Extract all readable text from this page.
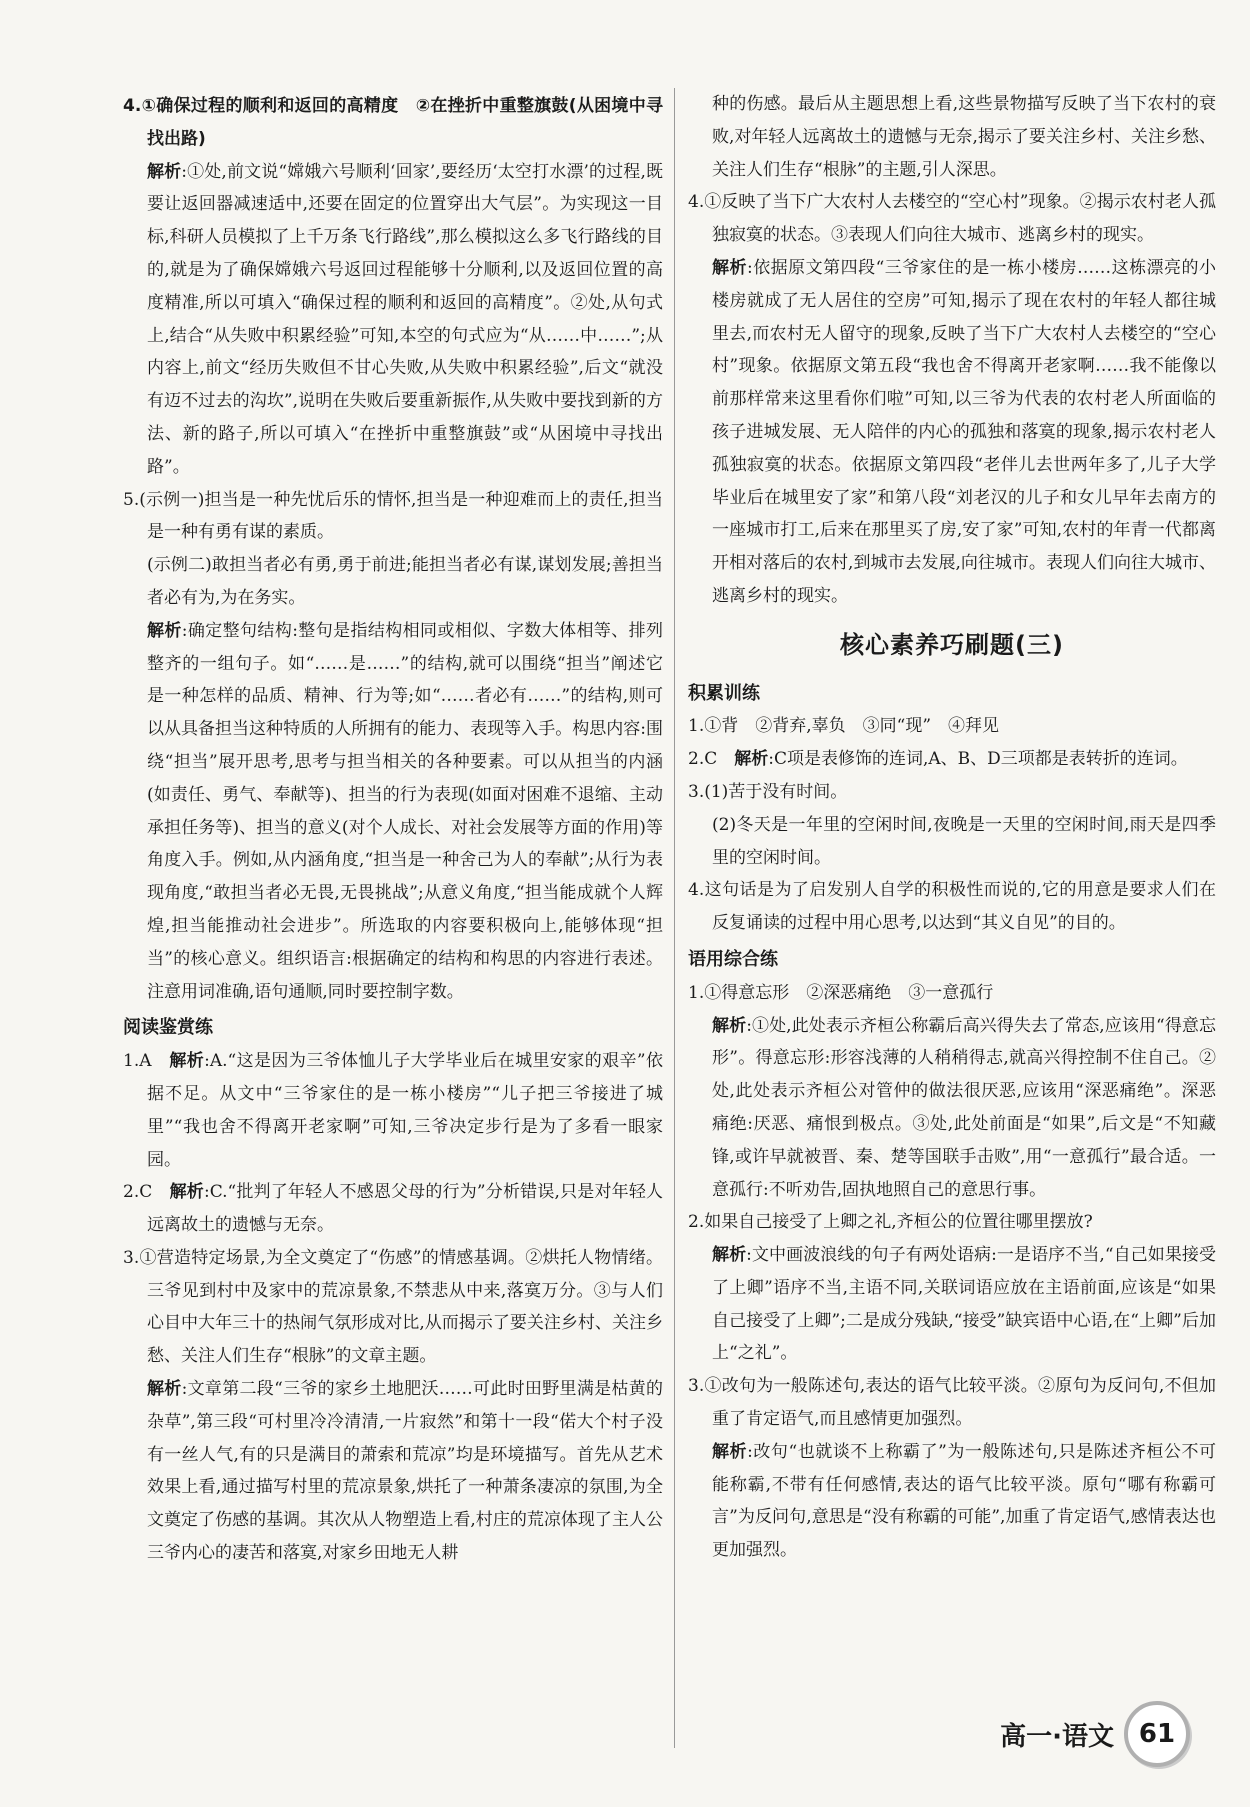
4.①确保过程的顺利和返回的高精度　②在挫折中重整旗鼓(从困境中寻找出路)

解析:①处,前文说“嫦娥六号顺利‘回家’,要经历‘太空打水漂’的过程,既要让返回器减速适中,还要在固定的位置穿出大气层”。为实现这一目标,科研人员模拟了上千万条飞行路线”,那么模拟这么多飞行路线的目的,就是为了确保嫦娥六号返回过程能够十分顺利,以及返回位置的高度精准,所以可填入“确保过程的顺利和返回的高精度”。②处,从句式上,结合“从失败中积累经验”可知,本空的句式应为“从……中……”;从内容上,前文“经历失败但不甘心失败,从失败中积累经验”,后文“就没有迈不过去的沟坎”,说明在失败后要重新振作,从失败中要找到新的方法、新的路子,所以可填入“在挫折中重整旗鼓”或“从困境中寻找出路”。

5.(示例一)担当是一种先忧后乐的情怀,担当是一种迎难而上的责任,担当是一种有勇有谋的素质。

(示例二)敢担当者必有勇,勇于前进;能担当者必有谋,谋划发展;善担当者必有为,为在务实。

解析:确定整句结构:整句是指结构相同或相似、字数大体相等、排列整齐的一组句子。如“……是……”的结构,就可以围绕“担当”阐述它是一种怎样的品质、精神、行为等;如“……者必有……”的结构,则可以从具备担当这种特质的人所拥有的能力、表现等入手。构思内容:围绕“担当”展开思考,思考与担当相关的各种要素。可以从担当的内涵(如责任、勇气、奉献等)、担当的行为表现(如面对困难不退缩、主动承担任务等)、担当的意义(对个人成长、对社会发展等方面的作用)等角度入手。例如,从内涵角度,“担当是一种舍己为人的奉献”;从行为表现角度,“敢担当者必无畏,无畏挑战”;从意义角度,“担当能成就个人辉煌,担当能推动社会进步”。所选取的内容要积极向上,能够体现“担当”的核心意义。组织语言:根据确定的结构和构思的内容进行表述。注意用词准确,语句通顺,同时要控制字数。

阅读鉴赏练

1.A　解析:A.“这是因为三爷体恤儿子大学毕业后在城里安家的艰辛”依据不足。从文中“三爷家住的是一栋小楼房”“儿子把三爷接进了城里”“我也舍不得离开老家啊”可知,三爷决定步行是为了多看一眼家园。

2.C　解析:C.“批判了年轻人不感恩父母的行为”分析错误,只是对年轻人远离故土的遗憾与无奈。

3.①营造特定场景,为全文奠定了“伤感”的情感基调。②烘托人物情绪。三爷见到村中及家中的荒凉景象,不禁悲从中来,落寞万分。③与人们心目中大年三十的热闹气氛形成对比,从而揭示了要关注乡村、关注乡愁、关注人们生存“根脉”的文章主题。

解析:文章第二段“三爷的家乡土地肥沃……可此时田野里满是枯黄的杂草”,第三段“可村里冷冷清清,一片寂然”和第十一段“偌大个村子没有一丝人气,有的只是满目的萧索和荒凉”均是环境描写。首先从艺术效果上看,通过描写村里的荒凉景象,烘托了一种萧条凄凉的氛围,为全文奠定了伤感的基调。其次从人物塑造上看,村庄的荒凉体现了主人公三爷内心的凄苦和落寞,对家乡田地无人耕

种的伤感。最后从主题思想上看,这些景物描写反映了当下农村的衰败,对年轻人远离故土的遗憾与无奈,揭示了要关注乡村、关注乡愁、关注人们生存“根脉”的主题,引人深思。

4.①反映了当下广大农村人去楼空的“空心村”现象。②揭示农村老人孤独寂寞的状态。③表现人们向往大城市、逃离乡村的现实。

解析:依据原文第四段“三爷家住的是一栋小楼房……这栋漂亮的小楼房就成了无人居住的空房”可知,揭示了现在农村的年轻人都往城里去,而农村无人留守的现象,反映了当下广大农村人去楼空的“空心村”现象。依据原文第五段“我也舍不得离开老家啊……我不能像以前那样常来这里看你们啦”可知,以三爷为代表的农村老人所面临的孩子进城发展、无人陪伴的内心的孤独和落寞的现象,揭示农村老人孤独寂寞的状态。依据原文第四段“老伴儿去世两年多了,儿子大学毕业后在城里安了家”和第八段“刘老汉的儿子和女儿早年去南方的一座城市打工,后来在那里买了房,安了家”可知,农村的年青一代都离开相对落后的农村,到城市去发展,向往城市。表现人们向往大城市、逃离乡村的现实。

核心素养巧刷题(三)

积累训练

1.①背　②背弃,辜负　③同“现”　④拜见

2.C　解析:C项是表修饰的连词,A、B、D三项都是表转折的连词。

3.(1)苦于没有时间。

(2)冬天是一年里的空闲时间,夜晚是一天里的空闲时间,雨天是四季里的空闲时间。

4.这句话是为了启发别人自学的积极性而说的,它的用意是要求人们在反复诵读的过程中用心思考,以达到“其义自见”的目的。

语用综合练

1.①得意忘形　②深恶痛绝　③一意孤行

解析:①处,此处表示齐桓公称霸后高兴得失去了常态,应该用“得意忘形”。得意忘形:形容浅薄的人稍稍得志,就高兴得控制不住自己。②处,此处表示齐桓公对管仲的做法很厌恶,应该用“深恶痛绝”。深恶痛绝:厌恶、痛恨到极点。③处,此处前面是“如果”,后文是“不知藏锋,或许早就被晋、秦、楚等国联手击败”,用“一意孤行”最合适。一意孤行:不听劝告,固执地照自己的意思行事。

2.如果自己接受了上卿之礼,齐桓公的位置往哪里摆放?

解析:文中画波浪线的句子有两处语病:一是语序不当,“自己如果接受了上卿”语序不当,主语不同,关联词语应放在主语前面,应该是“如果自己接受了上卿”;二是成分残缺,“接受”缺宾语中心语,在“上卿”后加上“之礼”。

3.①改句为一般陈述句,表达的语气比较平淡。②原句为反问句,不但加重了肯定语气,而且感情更加强烈。

解析:改句“也就谈不上称霸了”为一般陈述句,只是陈述齐桓公不可能称霸,不带有任何感情,表达的语气比较平淡。原句“哪有称霸可言”为反问句,意思是“没有称霸的可能”,加重了肯定语气,感情表达也更加强烈。

高一·语文 61
